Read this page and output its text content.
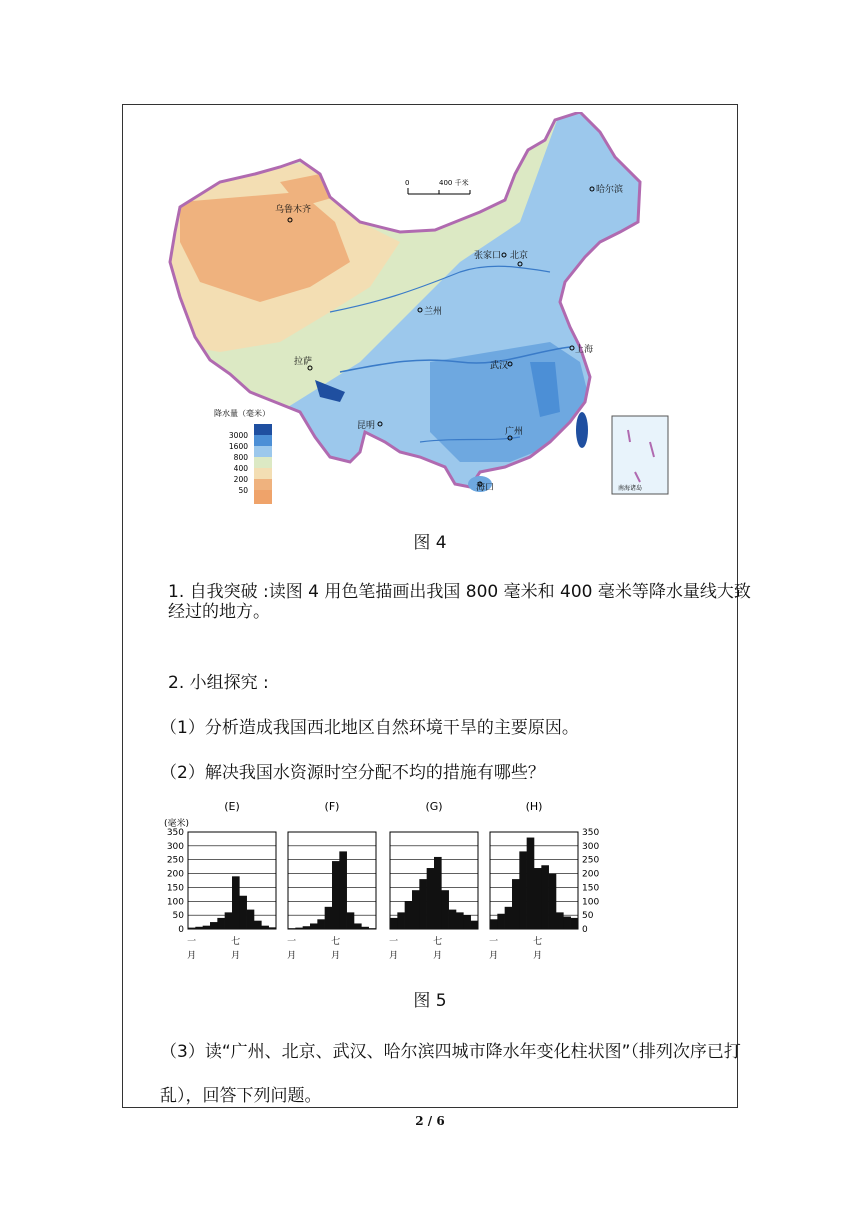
0	400 千米
乌鲁木齐
哈尔滨
张家口 北京
兰州
拉萨	武汉
上海
昆明
广州
海口
降水量（毫米）
3000
1600
800
400
200
50	南海诸岛
图 4
1. 自我突破 :读图 4 用色笔描画出我国 800 毫米和 400 毫米等降水量线大致经过的地方。
2. 小组探究 :
（1）分析造成我国西北地区自然环境干旱的主要原因。
（2）解决我国水资源时空分配不均的措施有哪些？
0	0
50	50
100	100
150	150
200	200
250	250
300	300
350	350
(毫米)
(E)
一
月
七
月
(F)
一
月
七
月
(G)
一
月
七
月
(H)
一
月
七
月
图 5
（3）读“广州、北京、武汉、哈尔滨四城市降水年变化柱状图”（排列次序已打乱），回答下列问题。
2 / 6
